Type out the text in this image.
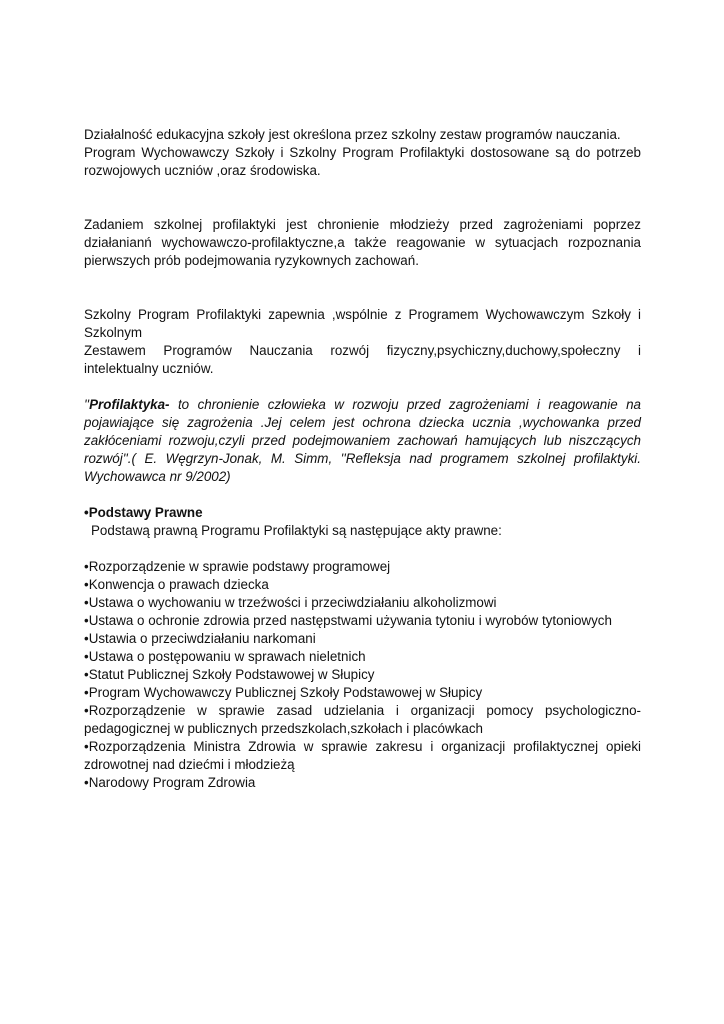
Działalność edukacyjna szkoły jest określona przez szkolny zestaw programów nauczania.

Program Wychowawczy Szkoły i Szkolny Program Profilaktyki dostosowane są do potrzeb rozwojowych uczniów ,oraz środowiska.

Zadaniem szkolnej profilaktyki jest chronienie młodzieży przed zagrożeniami poprzez działanianń wychowawczo-profilaktyczne,a także reagowanie w sytuacjach rozpoznania pierwszych prób podejmowania ryzykownych zachowań.

Szkolny Program Profilaktyki zapewnia ,wspólnie z Programem Wychowawczym Szkoły i Szkolnym

Zestawem Programów Nauczania rozwój fizyczny,psychiczny,duchowy,społeczny i intelektualny uczniów.

''Profilaktyka- to chronienie człowieka w rozwoju przed zagrożeniami i reagowanie na pojawiające się zagrożenia .Jej celem jest ochrona dziecka ucznia ,wychowanka przed zakłóceniami rozwoju,czyli przed podejmowaniem zachowań hamujących lub niszczących rozwój''.( E. Węgrzyn-Jonak, M. Simm, ''Refleksja nad programem szkolnej profilaktyki. Wychowawca nr 9/2002)

•Podstawy Prawne

Podstawą prawną Programu Profilaktyki są następujące akty prawne:

•Rozporządzenie w sprawie podstawy programowej
•Konwencja o prawach dziecka
•Ustawa o wychowaniu w trzeźwości i przeciwdziałaniu alkoholizmowi
•Ustawa o ochronie zdrowia przed następstwami używania tytoniu i wyrobów tytoniowych
•Ustawia o przeciwdziałaniu narkomani
•Ustawa o postępowaniu w sprawach nieletnich
•Statut Publicznej Szkoły Podstawowej w Słupicy
•Program Wychowawczy Publicznej Szkoły Podstawowej w Słupicy
•Rozporządzenie w sprawie zasad udzielania i organizacji pomocy psychologiczno-pedagogicznej w publicznych przedszkolach,szkołach i placówkach
•Rozporządzenia Ministra Zdrowia w sprawie zakresu i organizacji profilaktycznej opieki zdrowotnej nad dziećmi i młodzieżą
•Narodowy Program Zdrowia
